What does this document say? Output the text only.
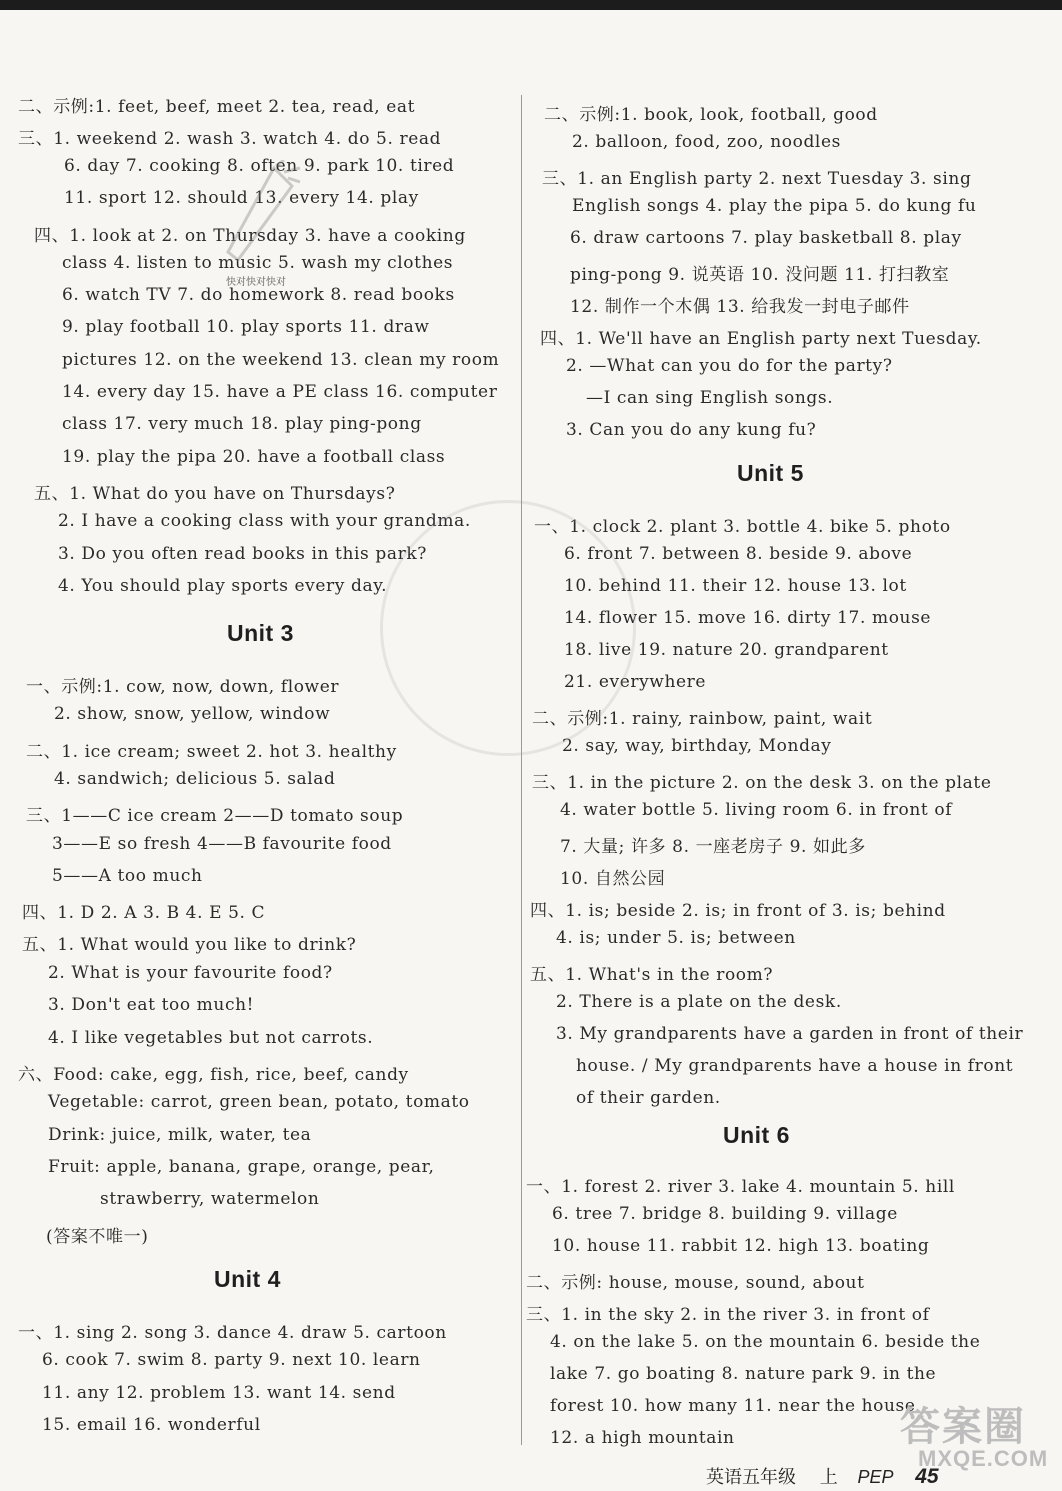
二、示例:1. feet, beef, meet 2. tea, read, eat
三、1. weekend 2. wash 3. watch 4. do 5. read
6. day 7. cooking 8. often 9. park 10. tired
11. sport 12. should 13. every 14. play
四、1. look at 2. on Thursday 3. have a cooking
class 4. listen to music 5. wash my clothes
6. watch TV 7. do homework 8. read books
9. play football 10. play sports 11. draw
pictures 12. on the weekend 13. clean my room
14. every day 15. have a PE class 16. computer
class 17. very much 18. play ping-pong
19. play the pipa 20. have a football class
五、1. What do you have on Thursdays?
2. I have a cooking class with your grandma.
3. Do you often read books in this park?
4. You should play sports every day.
Unit 3
一、示例:1. cow, now, down, flower
2. show, snow, yellow, window
二、1. ice cream; sweet 2. hot 3. healthy
4. sandwich; delicious 5. salad
三、1——C ice cream 2——D tomato soup
3——E so fresh 4——B favourite food
5——A too much
四、1. D 2. A 3. B 4. E 5. C
五、1. What would you like to drink?
2. What is your favourite food?
3. Don't eat too much!
4. I like vegetables but not carrots.
六、Food: cake, egg, fish, rice, beef, candy
Vegetable: carrot, green bean, potato, tomato
Drink: juice, milk, water, tea
Fruit: apple, banana, grape, orange, pear,
strawberry, watermelon
(答案不唯一)
Unit 4
一、1. sing 2. song 3. dance 4. draw 5. cartoon
6. cook 7. swim 8. party 9. next 10. learn
11. any 12. problem 13. want 14. send
15. email 16. wonderful
二、示例:1. book, look, football, good
2. balloon, food, zoo, noodles
三、1. an English party 2. next Tuesday 3. sing
English songs 4. play the pipa 5. do kung fu
6. draw cartoons 7. play basketball 8. play
ping-pong 9. 说英语 10. 没问题 11. 打扫教室
12. 制作一个木偶 13. 给我发一封电子邮件
四、1. We'll have an English party next Tuesday.
2. —What can you do for the party?
—I can sing English songs.
3. Can you do any kung fu?
Unit 5
一、1. clock 2. plant 3. bottle 4. bike 5. photo
6. front 7. between 8. beside 9. above
10. behind 11. their 12. house 13. lot
14. flower 15. move 16. dirty 17. mouse
18. live 19. nature 20. grandparent
21. everywhere
二、示例:1. rainy, rainbow, paint, wait
2. say, way, birthday, Monday
三、1. in the picture 2. on the desk 3. on the plate
4. water bottle 5. living room 6. in front of
7. 大量; 许多 8. 一座老房子 9. 如此多
10. 自然公园
四、1. is; beside 2. is; in front of 3. is; behind
4. is; under 5. is; between
五、1. What's in the room?
2. There is a plate on the desk.
3. My grandparents have a garden in front of their
house. / My grandparents have a house in front
of their garden.
Unit 6
一、1. forest 2. river 3. lake 4. mountain 5. hill
6. tree 7. bridge 8. building 9. village
10. house 11. rabbit 12. high 13. boating
二、示例: house, mouse, sound, about
三、1. in the sky 2. in the river 3. in front of
4. on the lake 5. on the mountain 6. beside the
lake 7. go boating 8. nature park 9. in the
forest 10. how many 11. near the house
12. a high mountain
快对快对快对
英语五年级 上 PEP 45
答案圈
MXQE.COM
